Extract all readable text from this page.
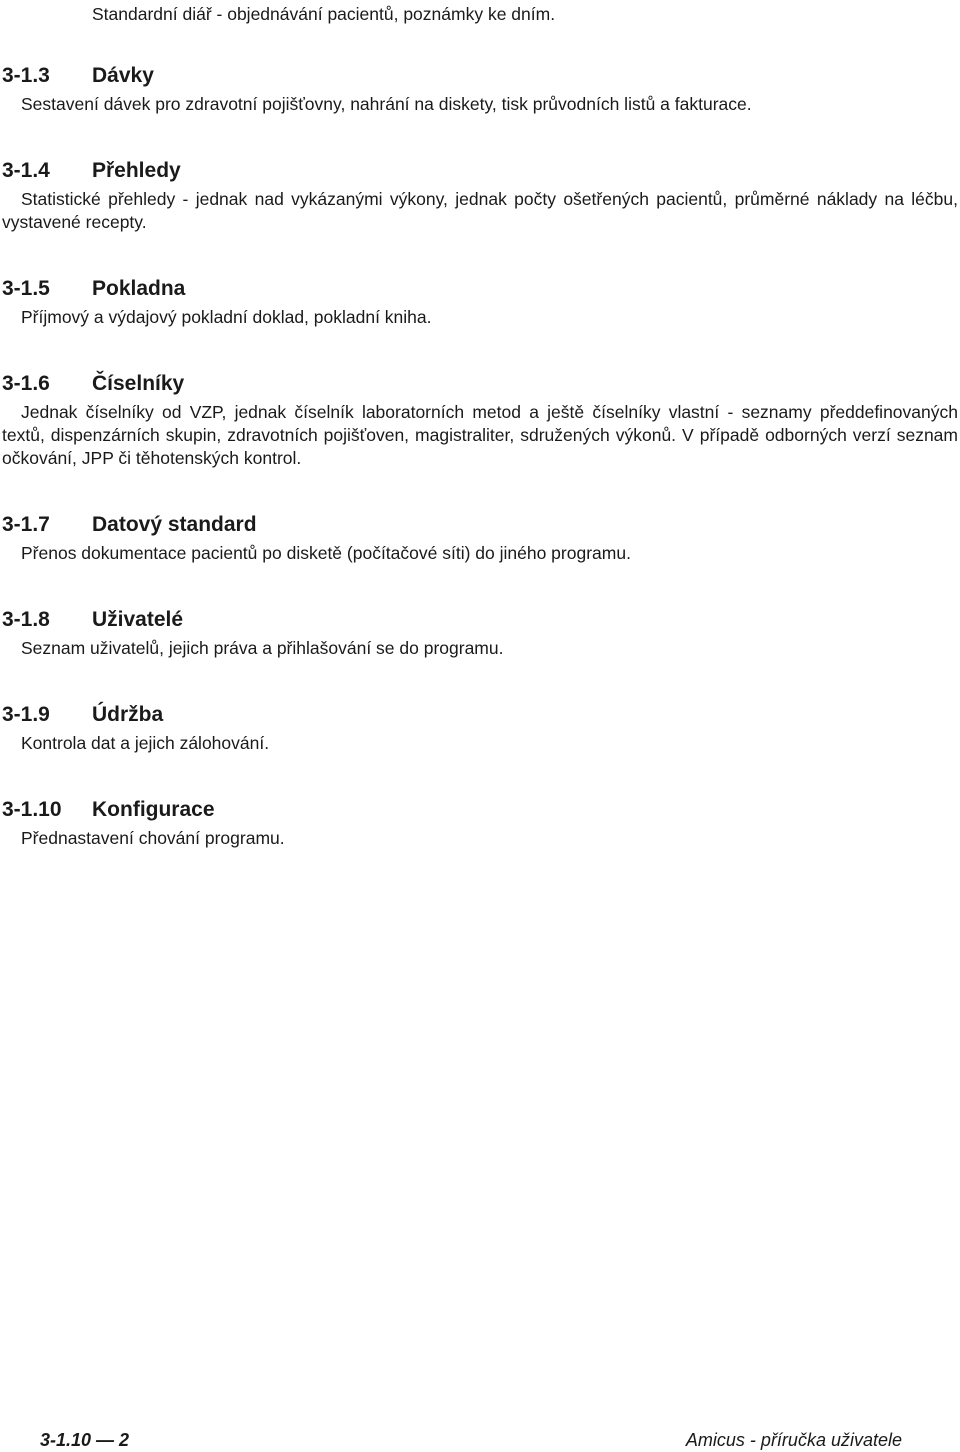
Standardní diář - objednávání pacientů, poznámky ke dním.

3-1.3	Dávky

Sestavení dávek pro zdravotní pojišťovny, nahrání na diskety, tisk průvodních listů a fakturace.

3-1.4	Přehledy

Statistické přehledy - jednak nad vykázanými výkony, jednak počty ošetřených pacientů, průměrné náklady na léčbu, vystavené recepty.

3-1.5	Pokladna

Příjmový a výdajový pokladní doklad, pokladní kniha.

3-1.6	Číselníky

Jednak číselníky od VZP, jednak číselník laboratorních metod a ještě číselníky vlastní - seznamy předdefinovaných textů, dispenzárních skupin, zdravotních pojišťoven, magistraliter, sdružených výkonů. V případě odborných verzí seznam očkování, JPP či těhotenských kontrol.

3-1.7	Datový standard

Přenos dokumentace pacientů po disketě (počítačové síti) do jiného programu.

3-1.8	Uživatelé

Seznam uživatelů, jejich práva a přihlašování se do programu.

3-1.9	Údržba

Kontrola dat a jejich zálohování.

3-1.10	Konfigurace

Přednastavení chování programu.

3-1.10 — 2	Amicus - příručka uživatele
